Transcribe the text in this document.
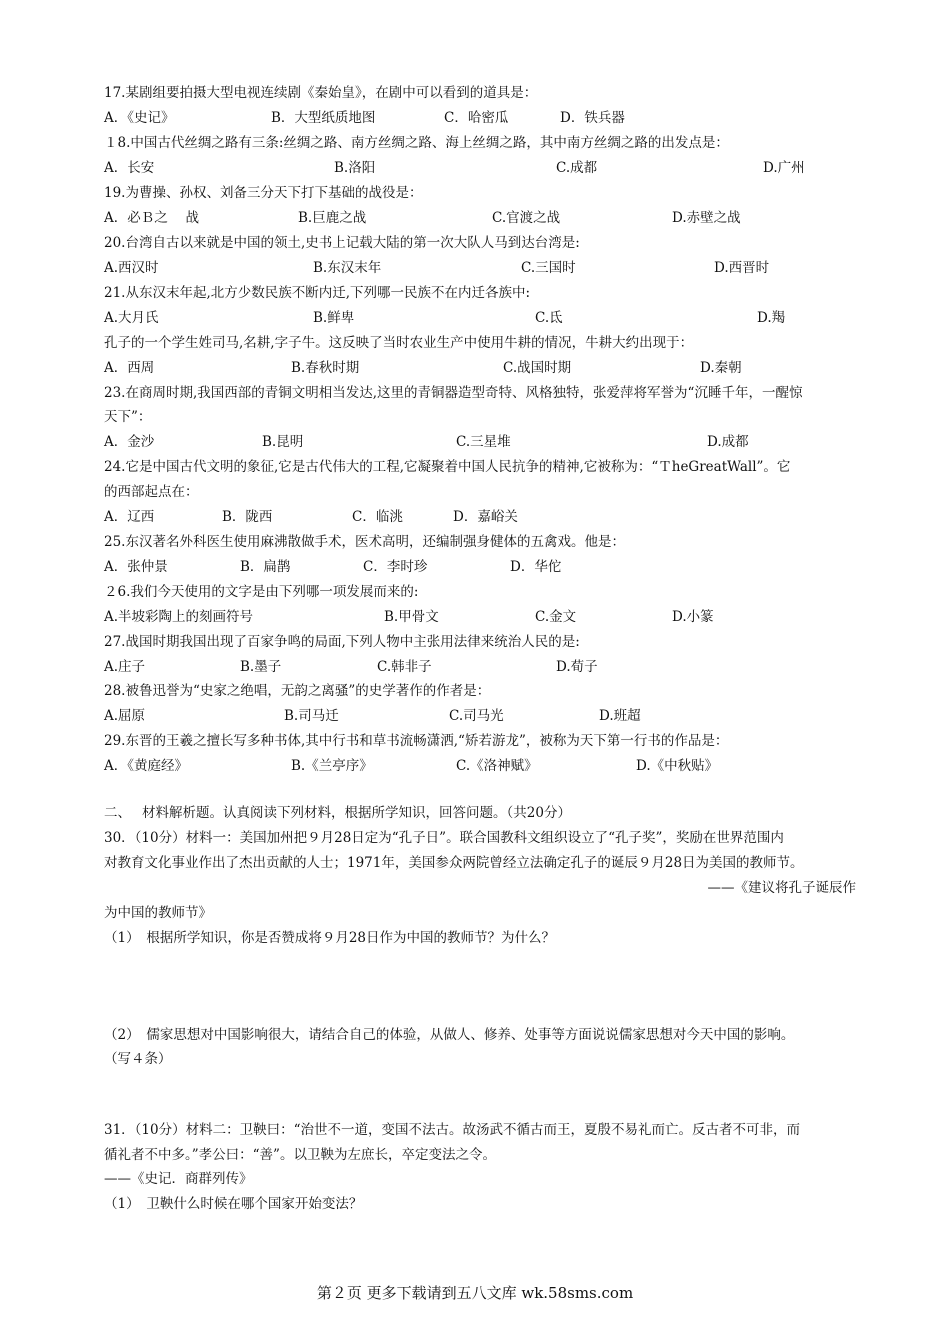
17.某剧组要拍摄大型电视连续剧《秦始皇》，在剧中可以看到的道具是：
A．《史记》	B．大型纸质地图	C．哈密瓜	D．铁兵器
１8.中国古代丝绸之路有三条:丝绸之路、南方丝绸之路、海上丝绸之路，其中南方丝绸之路的出发点是：
A．长安	B.洛阳	C.成都	D.广州
19.为曹操、孙权、刘备三分天下打下基础的战役是：
A．必Ｂ之　 战	B.巨鹿之战	C.官渡之战	D.赤壁之战
20.台湾自古以来就是中国的领土,史书上记载大陆的第一次大队人马到达台湾是:
A.西汉时	B.东汉末年	C.三国时	D.西晋时
21.从东汉末年起,北方少数民族不断内迁,下列哪一民族不在内迁各族中:
A.大月氏	B.鲜卑	C.氐	D.羯
孔子的一个学生姓司马,名耕,字子牛。这反映了当时农业生产中使用牛耕的情况，牛耕大约出现于：
A．西周	B.春秋时期	C.战国时期	D.秦朝
23.在商周时期,我国西部的青铜文明相当发达,这里的青铜器造型奇特、风格独特，张爱萍将军誉为“沉睡千年，一醒惊
天下”：
A．金沙	B.昆明	C.三星堆	D.成都
24.它是中国古代文明的象征,它是古代伟大的工程,它凝聚着中国人民抗争的精神,它被称为：“ＴheGreatWall”。它
的西部起点在：
A．辽西	B．陇西	C．临洮	D．嘉峪关
25.东汉著名外科医生使用麻沸散做手术，医术高明，还编制强身健体的五禽戏。他是：
A．张仲景	B．扁鹊	C．李时珍	D．华佗
２6.我们今天使用的文字是由下列哪一项发展而来的:
A.半坡彩陶上的刻画符号	B.甲骨文	C.金文	D.小篆
27.战国时期我国出现了百家争鸣的局面,下列人物中主张用法律来统治人民的是:
A.庄子	B.墨子	C.韩非子	D.荀子
28.被鲁迅誉为“史家之绝唱，无韵之离骚”的史学著作的作者是：
A.屈原	B.司马迁	C.司马光	D.班超
29.东晋的王羲之擅长写多种书体,其中行书和草书流畅潇洒,“矫若游龙”，被称为天下第一行书的作品是：
A．《黄庭经》	B.《兰亭序》	C.《洛神赋》	D.《中秋贴》
二、　 材料解析题。认真阅读下列材料，根据所学知识，回答问题。（共20分）
30．（10分）材料一：美国加州把９月28日定为“孔子日”。联合国教科文组织设立了“孔子奖”，奖励在世界范围内
对教育文化事业作出了杰出贡献的人士；1971年，美国参众两院曾经立法确定孔子的诞辰９月28日为美国的教师节。
——《建议将孔子诞辰作
为中国的教师节》
（1）　根据所学知识，你是否赞成将９月28日作为中国的教师节？为什么？
（2）　儒家思想对中国影响很大，请结合自己的体验，从做人、修养、处事等方面说说儒家思想对今天中国的影响。
（写４条）
31．（10分）材料二：卫鞅曰：“治世不一道，变国不法古。故汤武不循古而王，夏殷不易礼而亡。反古者不可非，而
循礼者不中多。”孝公曰：“善”。以卫鞅为左庶长，卒定变法之令。
——《史记．商群列传》
（1）　卫鞅什么时候在哪个国家开始变法？
第２页 更多下载请到五八文库 wk.58sms.com
